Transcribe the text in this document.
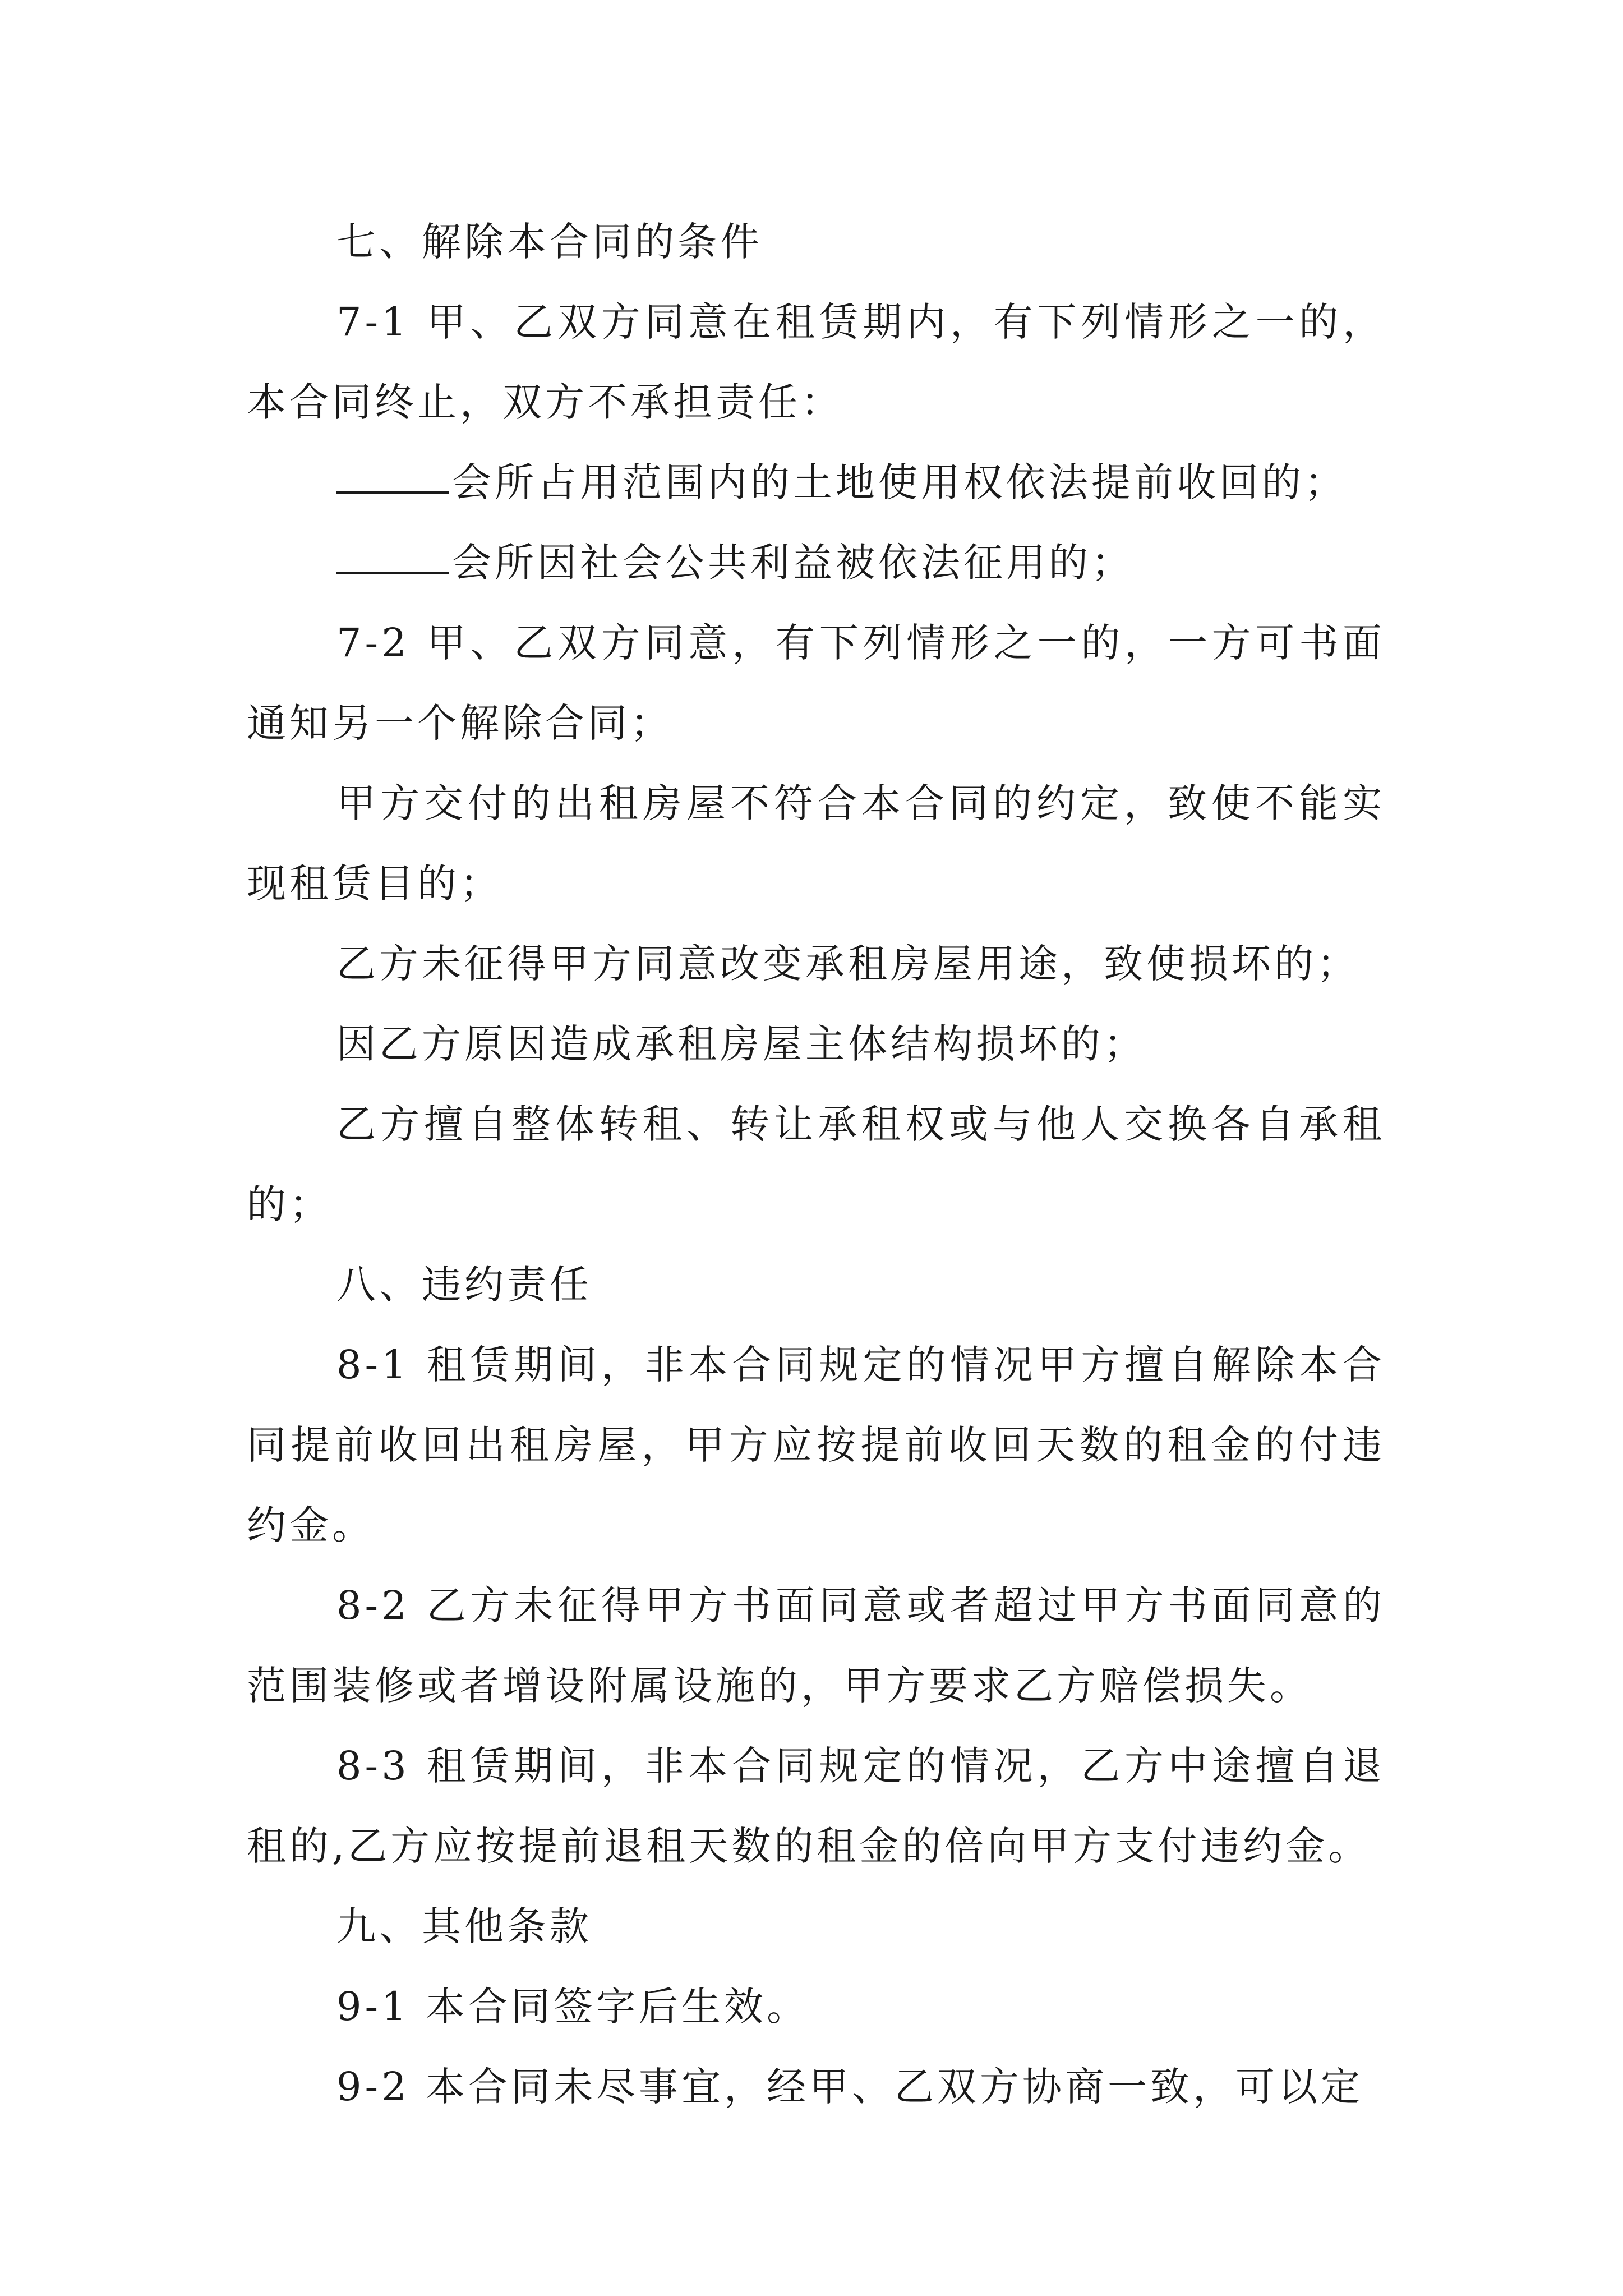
七、解除本合同的条件

7-1 甲、乙双方同意在租赁期内，有下列情形之一的，本合同终止，双方不承担责任：

会所占用范围内的土地使用权依法提前收回的；

会所因社会公共利益被依法征用的；

7-2 甲、乙双方同意，有下列情形之一的，一方可书面通知另一个解除合同；

甲方交付的出租房屋不符合本合同的约定，致使不能实现租赁目的；

乙方未征得甲方同意改变承租房屋用途，致使损坏的；

因乙方原因造成承租房屋主体结构损坏的；

乙方擅自整体转租、转让承租权或与他人交换各自承租的；

八、违约责任

8-1 租赁期间，非本合同规定的情况甲方擅自解除本合同提前收回出租房屋，甲方应按提前收回天数的租金的付违约金。

8-2 乙方未征得甲方书面同意或者超过甲方书面同意的范围装修或者增设附属设施的，甲方要求乙方赔偿损失。

8-3 租赁期间，非本合同规定的情况，乙方中途擅自退租的,乙方应按提前退租天数的租金的倍向甲方支付违约金。

九、其他条款

9-1 本合同签字后生效。

9-2 本合同未尽事宜，经甲、乙双方协商一致，可以定
